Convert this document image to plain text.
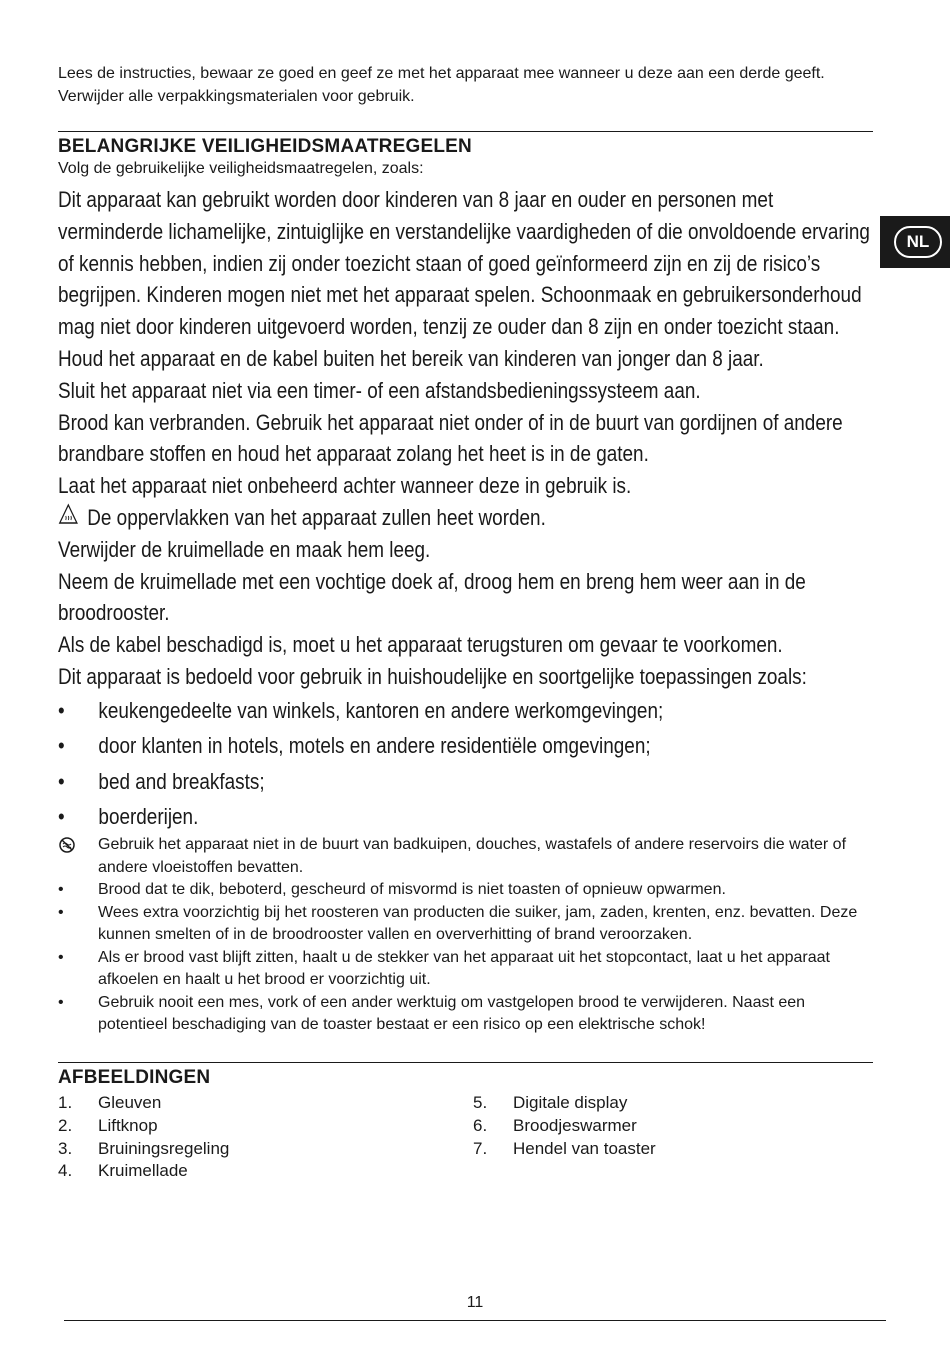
Lees de instructies, bewaar ze goed en geef ze met het apparaat mee wanneer u deze aan een derde geeft. Verwijder alle verpakkingsmaterialen voor gebruik.
BELANGRIJKE VEILIGHEIDSMAATREGELEN
Volg de gebruikelijke veiligheidsmaatregelen, zoals:
NL

Dit apparaat kan gebruikt worden door kinderen van 8 jaar en ouder en personen met verminderde lichamelijke, zintuiglijke en verstandelijke vaardigheden of die onvoldoende ervaring of kennis hebben, indien zij onder toezicht staan of goed geïnformeerd zijn en zij de risico’s begrijpen. Kinderen mogen niet met het apparaat spelen. Schoonmaak en gebruikersonderhoud mag niet door kinderen uitgevoerd worden, tenzij ze ouder dan 8 zijn en onder toezicht staan. Houd het apparaat en de kabel buiten het bereik van kinderen van jonger dan 8 jaar.

Sluit het apparaat niet via een timer- of een afstandsbedieningssysteem aan.

Brood kan verbranden. Gebruik het apparaat niet onder of in de buurt van gordijnen of andere brandbare stoffen en houd het apparaat zolang het heet is in de gaten.

Laat het apparaat niet onbeheerd achter wanneer deze in gebruik is.

De oppervlakken van het apparaat zullen heet worden.

Verwijder de kruimellade en maak hem leeg.

Neem de kruimellade met een vochtige doek af, droog hem en breng hem weer aan in de broodrooster.

Als de kabel beschadigd is, moet u het apparaat terugsturen om gevaar te voorkomen.

Dit apparaat is bedoeld voor gebruik in huishoudelijke en soortgelijke toepassingen zoals:

•	keukengedeelte van winkels, kantoren en andere werkomgevingen;

•	door klanten in hotels, motels en andere residentiële omgevingen;

•	bed and breakfasts;

•	boerderijen.

Gebruik het apparaat niet in de buurt van badkuipen, douches, wastafels of andere reservoirs die water of andere vloeistoffen bevatten.
•	Brood dat te dik, beboterd, gescheurd of misvormd is niet toasten of opnieuw opwarmen.
•	Wees extra voorzichtig bij het roosteren van producten die suiker, jam, zaden, krenten, enz. bevatten. Deze kunnen smelten of in de broodrooster vallen en oververhitting of brand veroorzaken.
•	Als er brood vast blijft zitten, haalt u de stekker van het apparaat uit het stopcontact, laat u het apparaat afkoelen en haalt u het brood er voorzichtig uit.
•	Gebruik nooit een mes, vork of een ander werktuig om vastgelopen brood te verwijderen. Naast een potentieel beschadiging van de toaster bestaat er een risico op een elektrische schok!
AFBEELDINGEN
1.	Gleuven
2.	Liftknop
3.	Bruiningsregeling
4.	Kruimellade
5.	Digitale display
6.	Broodjeswarmer
7.	Hendel van toaster
11
